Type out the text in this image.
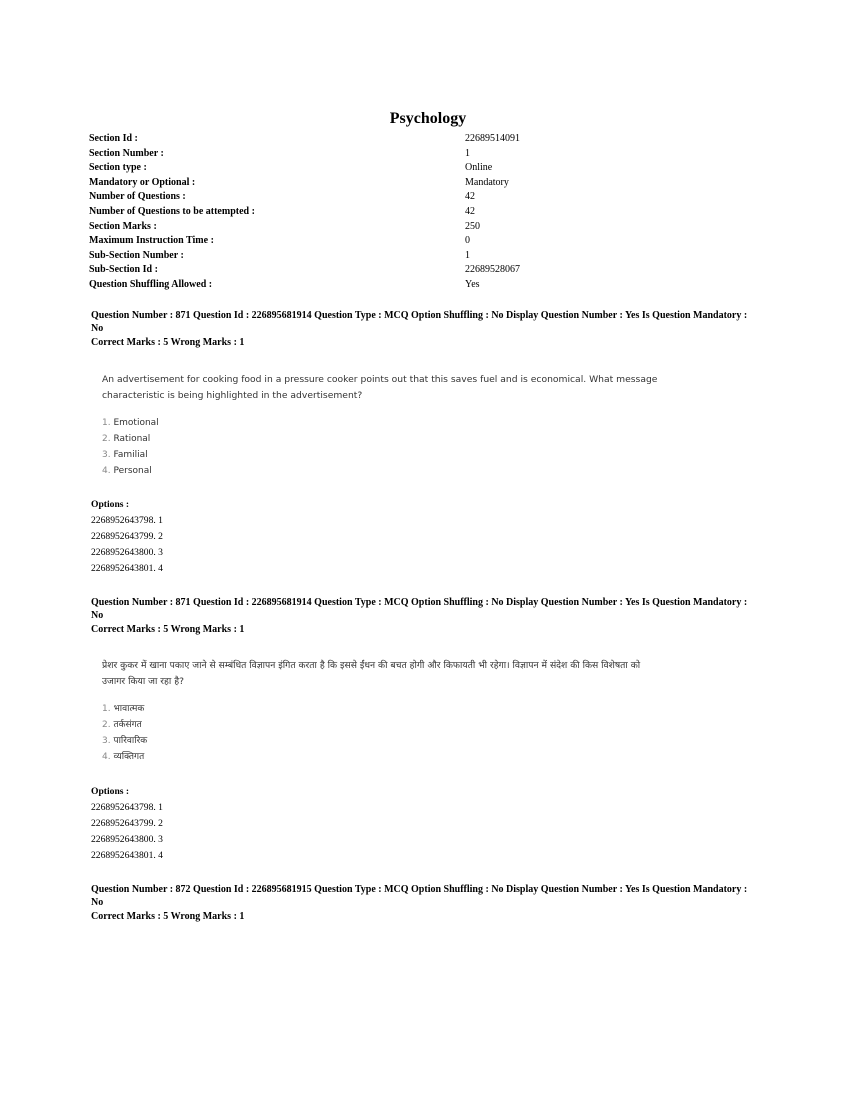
Psychology
Section Id :	22689514091
Section Number :	1
Section type :	Online
Mandatory or Optional :	Mandatory
Number of Questions :	42
Number of Questions to be attempted :	42
Section Marks :	250
Maximum Instruction Time :	0
Sub-Section Number :	1
Sub-Section Id :	22689528067
Question Shuffling Allowed :	Yes
Question Number : 871 Question Id : 226895681914 Question Type : MCQ Option Shuffling : No Display Question Number : Yes Is Question Mandatory : No
Correct Marks : 5 Wrong Marks : 1
An advertisement for cooking food in a pressure cooker points out that this saves fuel and is economical. What message characteristic is being highlighted in the advertisement?
1. Emotional
2. Rational
3. Familial
4. Personal
Options :
2268952643798. 1
2268952643799. 2
2268952643800. 3
2268952643801. 4
Question Number : 871 Question Id : 226895681914 Question Type : MCQ Option Shuffling : No Display Question Number : Yes Is Question Mandatory : No
Correct Marks : 5 Wrong Marks : 1
प्रेशर कुकर में खाना पकाए जाने से सम्बंधित विज्ञापन इंगित करता है कि इससे ईंधन की बचत होगी और किफायती भी रहेगा। विज्ञापन में संदेश की किस विशेषता को उजागर किया जा रहा है?
1. भावात्मक
2. तर्कसंगत
3. पारिवारिक
4. व्यक्तिगत
Options :
2268952643798. 1
2268952643799. 2
2268952643800. 3
2268952643801. 4
Question Number : 872 Question Id : 226895681915 Question Type : MCQ Option Shuffling : No Display Question Number : Yes Is Question Mandatory : No
Correct Marks : 5 Wrong Marks : 1
